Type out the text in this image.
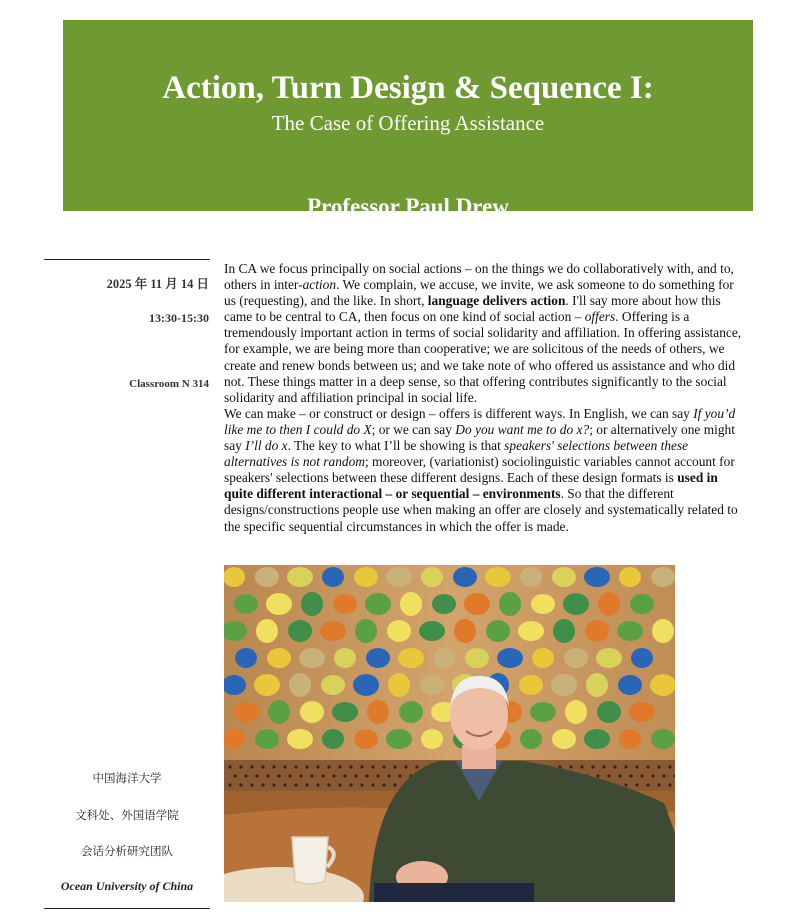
Action, Turn Design & Sequence I:
The Case of Offering Assistance
Professor Paul Drew
2025 年 11 月 14 日
13:30-15:30
Classroom N 314

In CA we focus principally on social actions – on the things we do collaboratively with, and to, others in inter-action. We complain, we accuse, we invite, we ask someone to do something for us (requesting), and the like. In short, language delivers action. I'll say more about how this came to be central to CA, then focus on one kind of social action – offers. Offering is a tremendously important action in terms of social solidarity and affiliation. In offering assistance, for example, we are being more than cooperative; we are solicitous of the needs of others, we create and renew bonds between us; and we take note of who offered us assistance and who did not. These things matter in a deep sense, so that offering contributes significantly to the social solidarity and affiliation principal in social life.

We can make – or construct or design – offers is different ways. In English, we can say If you’d like me to then I could do X; or we can say Do you want me to do x?; or alternatively one might say I’ll do x. The key to what I’ll be showing is that speakers' selections between these alternatives is not random; moreover, (variationist) sociolinguistic variables cannot account for speakers' selections between these different designs. Each of these design formats is used in quite different interactional – or sequential – environments. So that the different designs/constructions people use when making an offer are closely and systematically related to the specific sequential circumstances in which the offer is made.

中国海洋大学
文科处、外国语学院
会话分析研究团队
Ocean University of China
